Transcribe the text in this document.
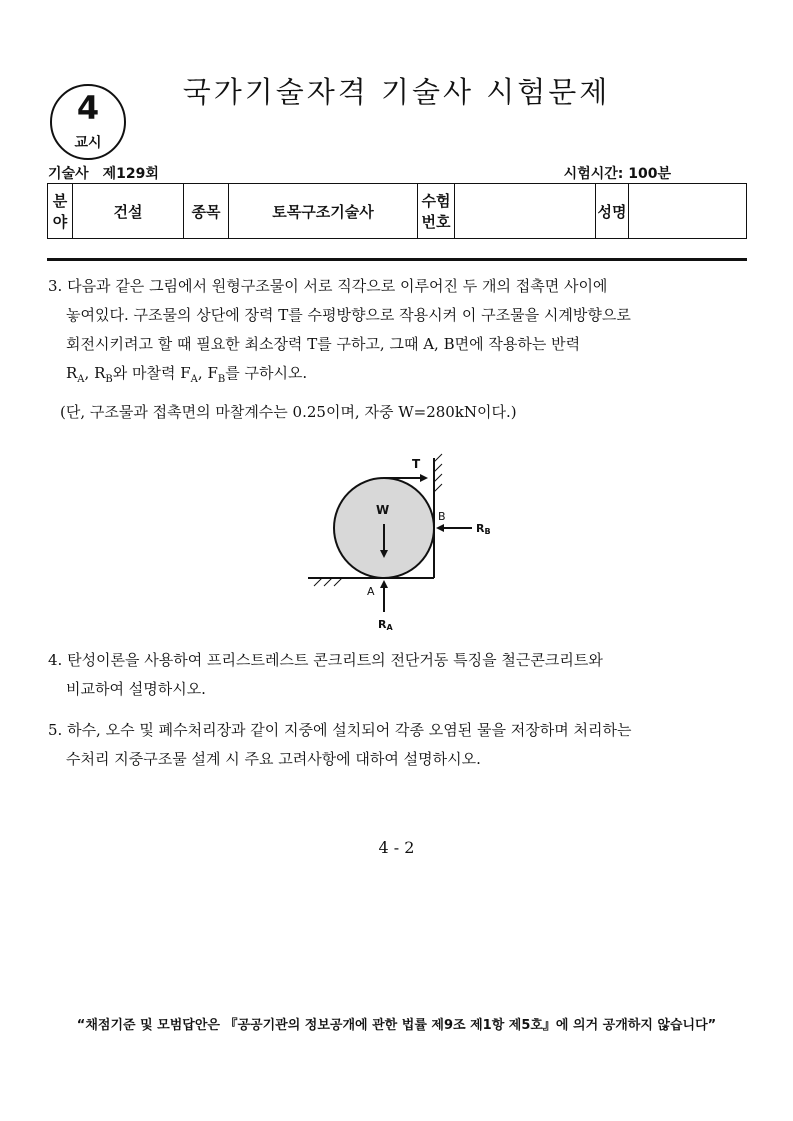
4
교시
국가기술자격 기술사 시험문제
기술사 제129회	시험시간: 100분
분야	건설	종목	토목구조기술사	수험번호		성명	
3. 다음과 같은 그림에서 원형구조물이 서로 직각으로 이루어진 두 개의 접촉면 사이에
놓여있다. 구조물의 상단에 장력 T를 수평방향으로 작용시켜 이 구조물을 시계방향으로
회전시키려고 할 때 필요한 최소장력 T를 구하고, 그때 A, B면에 작용하는 반력
$R_A$, $R_B$와 마찰력 $F_A$, $F_B$를 구하시오.
(단, 구조물과 접촉면의 마찰계수는 0.25이며, 자중 W=280kN이다.)
T
W	B
A
RB
RA
4. 탄성이론을 사용하여 프리스트레스트 콘크리트의 전단거동 특징을 철근콘크리트와
비교하여 설명하시오.
5. 하수, 오수 및 폐수처리장과 같이 지중에 설치되어 각종 오염된 물을 저장하며 처리하는
수처리 지중구조물 설계 시 주요 고려사항에 대하여 설명하시오.
4 - 2
“채점기준 및 모범답안은 『공공기관의 정보공개에 관한 법률 제9조 제1항 제5호』에 의거 공개하지 않습니다”
